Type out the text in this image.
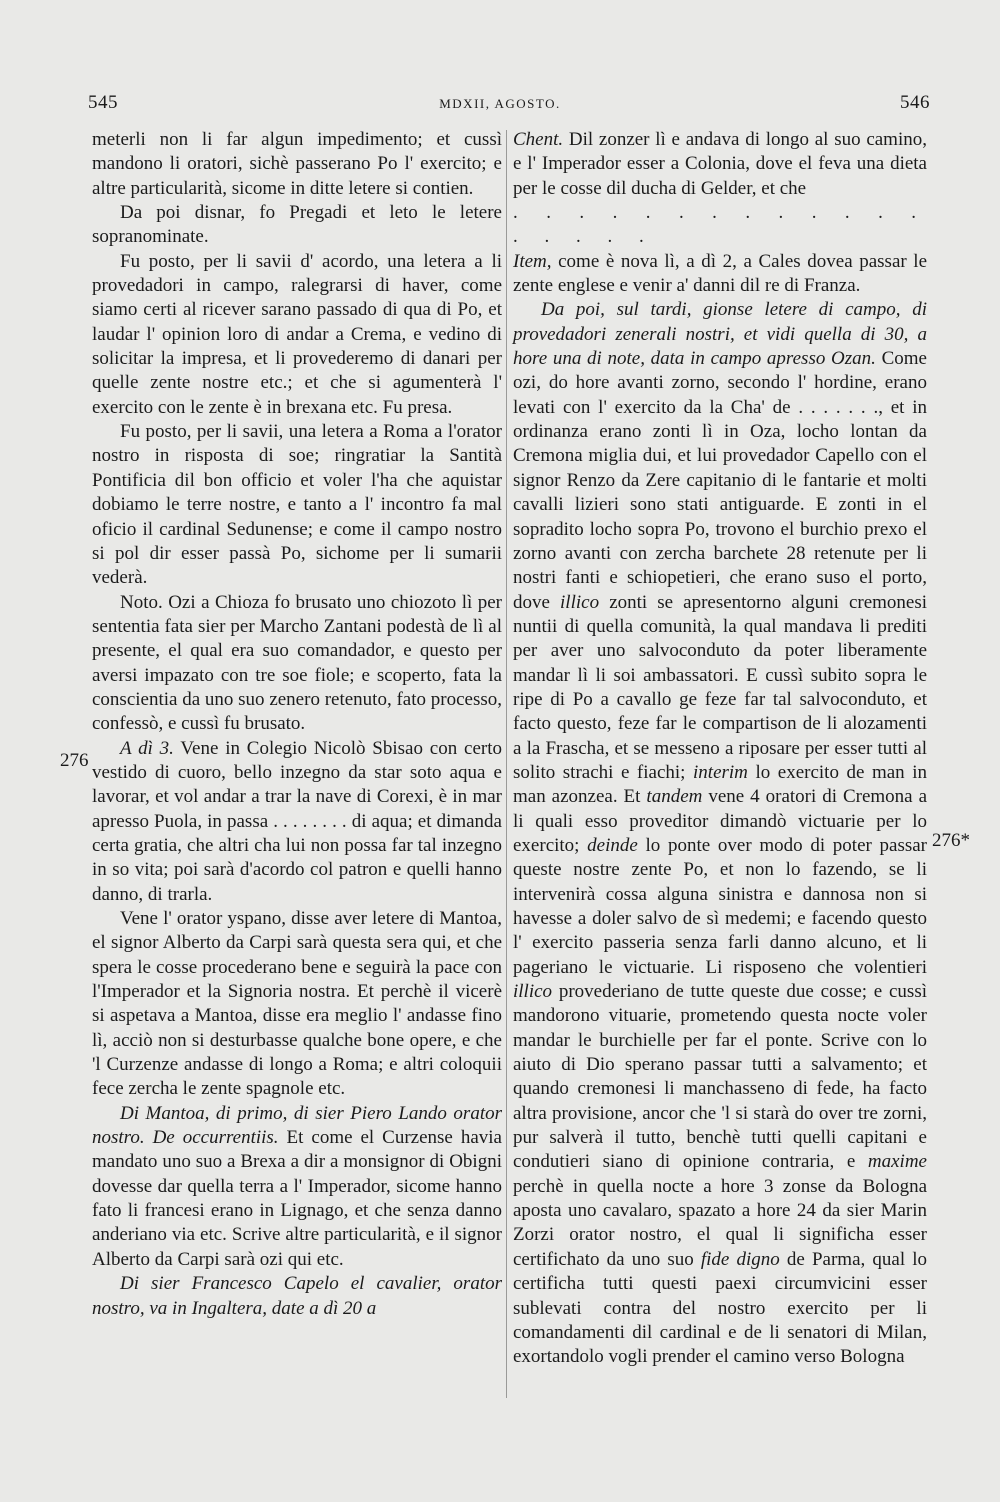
545	MDXII, AGOSTO.	546
276
276*

meterli non li far algun impedimento; et cussì mandono li oratori, sichè passerano Po l' exercito; e altre particularità, sicome in ditte letere si contien.

Da poi disnar, fo Pregadi et leto le letere sopranominate.

Fu posto, per li savii d' acordo, una letera a li provedadori in campo, ralegrarsi di haver, come siamo certi al ricever sarano passado di qua di Po, et laudar l' opinion loro di andar a Crema, e vedino di solicitar la impresa, et li provederemo di danari per quelle zente nostre etc.; et che si agumenterà l' exercito con le zente è in brexana etc. Fu presa.

Fu posto, per li savii, una letera a Roma a l'orator nostro in risposta di soe; ringratiar la Santità Pontificia dil bon officio et voler l'ha che aquistar dobiamo le terre nostre, e tanto a l' incontro fa mal oficio il cardinal Sedunense; e come il campo nostro si pol dir esser passà Po, sichome per li sumarii vederà.

Noto. Ozi a Chioza fo brusato uno chiozoto lì per sententia fata sier per Marcho Zantani podestà de lì al presente, el qual era suo comandador, e questo per aversi impazato con tre soe fiole; e scoperto, fata la conscientia da uno suo zenero retenuto, fato processo, confessò, e cussì fu brusato.

A dì 3. Vene in Colegio Nicolò Sbisao con certo vestido di cuoro, bello inzegno da star soto aqua e lavorar, et vol andar a trar la nave di Corexi, è in mar apresso Puola, in passa . . . . . . . . di aqua; et dimanda certa gratia, che altri cha lui non possa far tal inzegno in so vita; poi sarà d'acordo col patron e quelli hanno danno, di trarla.

Vene l' orator yspano, disse aver letere di Mantoa, el signor Alberto da Carpi sarà questa sera qui, et che spera le cosse procederano bene e seguirà la pace con l'Imperador et la Signoria nostra. Et perchè il vicerè si aspetava a Mantoa, disse era meglio l' andasse fino lì, acciò non si desturbasse qualche bone opere, e che 'l Curzenze andasse di longo a Roma; e altri coloquii fece zercha le zente spagnole etc.

Di Mantoa, di primo, di sier Piero Lando orator nostro. De occurrentiis. Et come el Curzense havia mandato uno suo a Brexa a dir a monsignor di Obigni dovesse dar quella terra a l' Imperador, sicome hanno fato li francesi erano in Lignago, et che senza danno anderiano via etc. Scrive altre particularità, e il signor Alberto da Carpi sarà ozi qui etc.

Di sier Francesco Capelo el cavalier, orator nostro, va in Ingaltera, date a dì 20 a

Chent. Dil zonzer lì e andava di longo al suo camino, e l' Imperador esser a Colonia, dove el feva una dieta per le cosse dil ducha di Gelder, et che

. . . . . . . . . . . . . . . . . .

Item, come è nova lì, a dì 2, a Cales dovea passar le zente englese e venir a' danni dil re di Franza.

Da poi, sul tardi, gionse letere di campo, di provedadori zenerali nostri, et vidi quella di 30, a hore una di note, data in campo apresso Ozan. Come ozi, do hore avanti zorno, secondo l' hordine, erano levati con l' exercito da la Cha' de . . . . . . ., et in ordinanza erano zonti lì in Oza, locho lontan da Cremona miglia dui, et lui provedador Capello con el signor Renzo da Zere capitanio di le fantarie et molti cavalli lizieri sono stati antiguarde. E zonti in el sopradito locho sopra Po, trovono el burchio prexo el zorno avanti con zercha barchete 28 retenute per li nostri fanti e schiopetieri, che erano suso el porto, dove illico zonti se apresentorno alguni cremonesi nuntii di quella comunità, la qual mandava li prediti per aver uno salvoconduto da poter liberamente mandar lì li soi ambassatori. E cussì subito sopra le ripe di Po a cavallo ge feze far tal salvoconduto, et facto questo, feze far le compartison de li alozamenti a la Frascha, et se messeno a riposare per esser tutti al solito strachi e fiachi; interim lo exercito de man in man azonzea. Et tandem vene 4 oratori di Cremona a li quali esso proveditor dimandò victuarie per lo exercito; deinde lo ponte over modo di poter passar queste nostre zente Po, et non lo fazendo, se li intervenirà cossa alguna sinistra e dannosa non si havesse a doler salvo de sì medemi; e facendo questo l' exercito passeria senza farli danno alcuno, et li pageriano le victuarie. Li risposeno che volentieri illico provederiano de tutte queste due cosse; e cussì mandorono vituarie, prometendo questa nocte voler mandar le burchielle per far el ponte. Scrive con lo aiuto di Dio sperano passar tutti a salvamento; et quando cremonesi li manchasseno di fede, ha facto altra provisione, ancor che 'l si starà do over tre zorni, pur salverà il tutto, benchè tutti quelli capitani e condutieri siano di opinione contraria, e maxime perchè in quella nocte a hore 3 zonse da Bologna aposta uno cavalaro, spazato a hore 24 da sier Marin Zorzi orator nostro, el qual li significha esser certifichato da uno suo fide digno de Parma, qual lo certificha tutti questi paexi circumvicini esser sublevati contra del nostro exercito per li comandamenti dil cardinal e de li senatori di Milan, exortandolo vogli prender el camino verso Bologna
